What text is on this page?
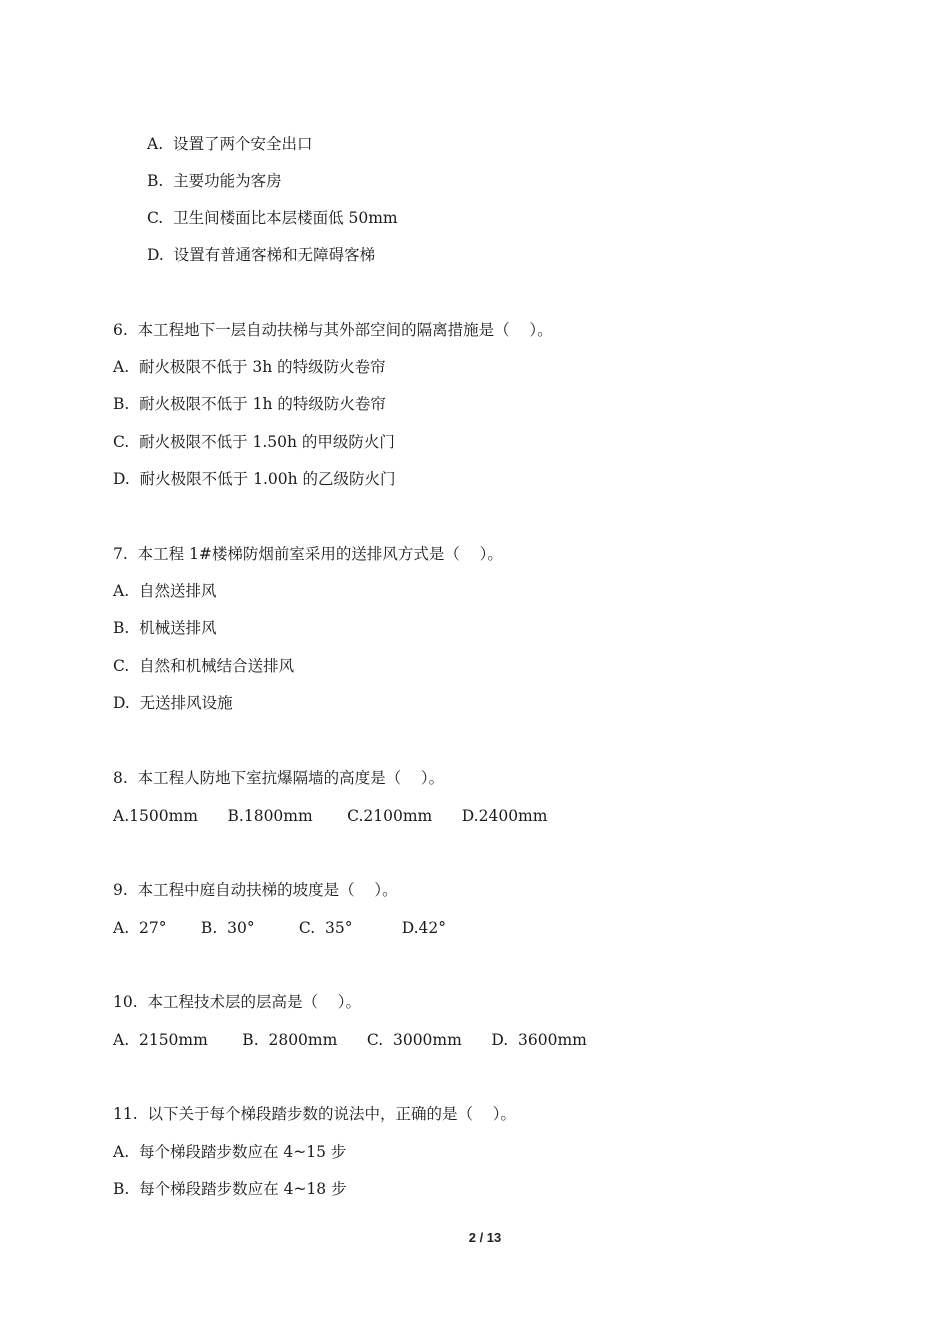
A.  设置了两个安全出口
B.  主要功能为客房
C.  卫生间楼面比本层楼面低 50mm
D.  设置有普通客梯和无障碍客梯
6.  本工程地下一层自动扶梯与其外部空间的隔离措施是（    ）。
A.  耐火极限不低于 3h 的特级防火卷帘
B.  耐火极限不低于 1h 的特级防火卷帘
C.  耐火极限不低于 1.50h 的甲级防火门
D.  耐火极限不低于 1.00h 的乙级防火门
7.  本工程 1#楼梯防烟前室采用的送排风方式是（    ）。
A.  自然送排风
B.  机械送排风
C.  自然和机械结合送排风
D.  无送排风设施
8.  本工程人防地下室抗爆隔墙的高度是（    ）。
A.1500mm      B.1800mm       C.2100mm      D.2400mm
9.  本工程中庭自动扶梯的坡度是（    ）。
A.  27°       B.  30°         C.  35°          D.42°
10.  本工程技术层的层高是（    ）。
A.  2150mm       B.  2800mm      C.  3000mm      D.  3600mm
11.  以下关于每个梯段踏步数的说法中，正确的是（    ）。
A.  每个梯段踏步数应在 4~15 步
B.  每个梯段踏步数应在 4~18 步
2 / 13
